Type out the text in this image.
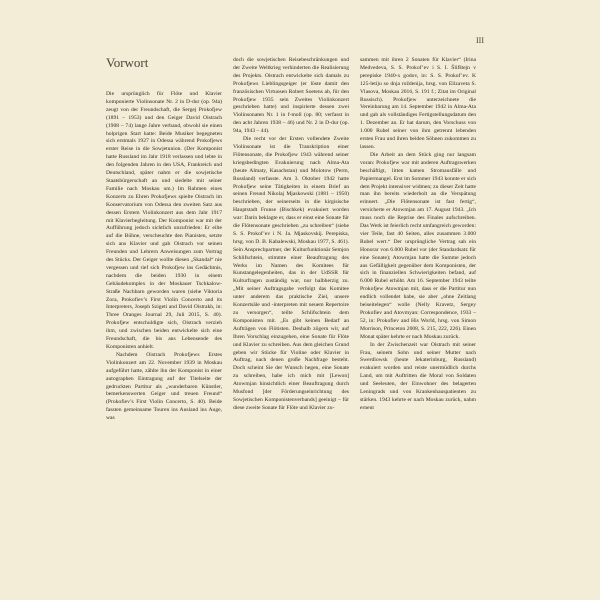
III
Vorwort

Die ursprünglich für Flöte und Klavier komponierte Violinsonate Nr. 2 in D-dur (op. 94a) zeugt von der Freundschaft, die Sergej Prokofjew (1891 – 1953) und den Geiger David Oistrach (1908 – 74) lange Jahre verband, obwohl sie einen holprigen Start hatte: Beide Musiker begegneten sich erstmals 1927 in Odessa während Prokofjews erster Reise in die Sowjetunion. (Der Komponist hatte Russland im Jahr 1918 verlassen und lebte in den folgenden Jahren in den USA, Frankreich und Deutschland, später nahm er die sowjetische Staatsbürgerschaft an und siedelte mit seiner Familie nach Moskau um.) Im Rahmen eines Konzerts zu Ehren Prokofjews spielte Oistrach im Konservatorium von Odessa den zweiten Satz aus dessen Erstem Violinkonzert aus dem Jahr 1917 mit Klavierbegleitung. Der Komponist war mit der Aufführung jedoch sichtlich unzufrieden: Er eilte auf die Bühne, verscheuchte den Pianisten, setzte sich ans Klavier und gab Oistrach vor seinen Freunden und Lehrern Anweisungen zum Vortrag des Stücks. Der Geiger wollte diesen „Skandal“ nie vergessen und rief sich Prokofjew ins Gedächtnis, nachdem die beiden 1930 in einem Gebäudekomplex in der Moskauer Tschkalow-Straße Nachbarn geworden waren (siehe Viktoria Zora, Prokofiev’s First Violin Concerto and its Interpreters, Joseph Szigeti and David Oistrakh, in: Three Oranges Journal 29, Juli 2015, S. 40). Prokofjew entschuldigte sich, Oistrach verzieh ihm, und zwischen beiden entwickelte sich eine Freundschaft, die bis ans Lebensende des Komponisten anhielt.

Nachdem Oistrach Prokofjews Erstes Violinkonzert am 22. November 1939 in Moskau aufgeführt hatte, zählte ihn der Komponist in einer autographen Eintragung auf der Titelseite der gedruckten Partitur als „wunderbaren Künstler, bemerkenswerten Geiger und treuen Freund“ (Prokofiev’s First Violin Concerto, S. 40). Beide fassten gemeinsame Touren ins Ausland ins Auge, was

doch die sowjetischen Reisebeschränkungen und der Zweite Weltkrieg verhinderten die Realisierung des Projekts. Oistrach entwickelte sich damals zu Prokofjews Lieblingsgeiger (er löste damit den französischen Virtuosen Robert Soetens ab, für den Prokofjew 1935 sein Zweites Violinkonzert geschrieben hatte) und inspirierte dessen zwei Violinsonaten Nr. 1 in f-moll (op. 80; verfasst in den acht Jahren 1938 – 46) und Nr. 2 in D-dur (op. 94a, 1943 – 44).

Die recht vor der Ersten vollendete Zweite Violinsonate ist die Transkription einer Flötensonate, die Prokofjew 1943 während seiner kriegsbedingten Evakuierung nach Alma-Ata (heute Almaty, Kasachstan) und Molotow (Perm, Russland) verfasste. Am 3. Oktober 1942 hatte Prokofjew seine Tätigkeiten in einem Brief an seinen Freund Nikolaj Mjaskowski (1881 – 1950) beschrieben, der seinerseits in die kirgisische Hauptstadt Frunse (Bischkek) evakuiert worden war: Darin beklagte er, dass er einst eine Sonate für die Flötensonate geschrieben „zu schreiben“ (siehe S. S. Prokof’ev i N. Ja. Mjaskovskij. Perepiska, hrsg. von D. B. Kabalewski, Moskau 1977, S. 461). Sein Ansprechpartner, der Kulturfunktionär Semjon Schlifschtein, stimmte einer Beauftragung des Werks im Namen des Komitees für Kunstangelegenheiten, das in der UdSSR für Kulturfragen zuständig war, nur halbherzig zu. „Mit seiner Auftragsgabe verfolgt das Komitee unter anderem das praktische Ziel, unsere Konzertsäle und -interpreten mit neuem Repertoire zu versorgen“, teilte Schlifschtein dem Komponisten mit. „Es gibt keinen Bedarf an Aufträgen von Flötisten. Deshalb zögern wir, auf Ihren Vorschlag einzugehen, eine Sonate für Flöte und Klavier zu schreiben. Aus dem gleichen Grund geben wir Stücke für Violine oder Klavier in Auftrag, nach denen große Nachfrage besteht. Doch scheint Sie der Wunsch hegen, eine Sonate zu schreiben, habe ich mich mit [Lewon] Atowmjan hinsichtlich einer Beauftragung durch Musfond [der Förderungseinrichtung des Sowjetischen Komponistenverbands] geeinigt – für diese zweite Sonate für Flöte und Klavier zu-

sammen mit ihren 2 Sonaten für Klavier“ (Irina Medvedeva, S. S. Prokof’ev i S. I. Šlifštejn v perepiske 1940-x godov, in: S. S. Prokof’ev. K 125-letiju so dnja roždenija, hrsg. von Elizaveta S. Vlasova, Moskau 2016, S. 191 f.; Zitat im Original Russisch). Prokofjew unterzeichnete die Vereinbarung am 14. September 1942 in Alma-Ata und gab als vollständiges Fertigstellungsdatum den 1. Dezember an. Er hat darum, den Vorschuss von 1.000 Rubel seiner von ihm getrennt lebenden ersten Frau und ihren beiden Söhnen zukommen zu lassen.

Die Arbeit an dem Stück ging nur langsam voran: Prokofjew war mit anderen Auftragswerken beschäftigt, litten kamen Stromausfälle und Papiermangel. Erst im Sommer 1943 konnte er sich dem Projekt intensiver widmen; zu dieser Zeit hatte man ihn bereits wiederholt an die Verspätung erinnert. „Die Flötensonate ist fast fertig“, versicherte er Atowmjan am 17. August 1943. „Ich muss noch die Reprise des Finales aufschreiben. Das Werk ist feierlich recht umfangreich geworden: vier Teile, fast 40 Seiten, alles zusammen 3.000 Rubel wert.“ Der ursprüngliche Vertrag sah ein Honorar von 6.000 Rubel vor (der Standardsatz für eine Sonate); Atowmjan hatte die Summe jedoch aus Gefälligkeit gegenüber dem Komponisten, der sich in finanziellen Schwierigkeiten befand, auf 6.000 Rubel erhöht. Am 16. September 1943 teilte Prokofjew Atowmjan mit, dass er die Partitur nun endlich vollendet habe, sie aber „ohne Zeitlang beiseitelegen“ wolle (Nelly Kravetz, Sergey Prokofiev and Atovmyan: Correspondence, 1933 – 52, in: Prokofiev and His World, hrsg. von Simon Morrison, Princeton 2008, S. 215, 222, 226). Einen Monat später kehrte er nach Moskau zurück.

In der Zwischenzeit war Oistrach mit seiner Frau, seinem Sohn und seiner Mutter nach Swerdlowsk (heute Jekaterinburg, Russland) evakuiert worden und reiste unermüdlich durchs Land, um mit Auftritten die Moral von Soldaten und Seeleuten, der Einwohner des belagerten Leningrads und von Krankenhauspatienten zu stärken. 1943 kehrte er nach Moskau zurück, nahm erneut
